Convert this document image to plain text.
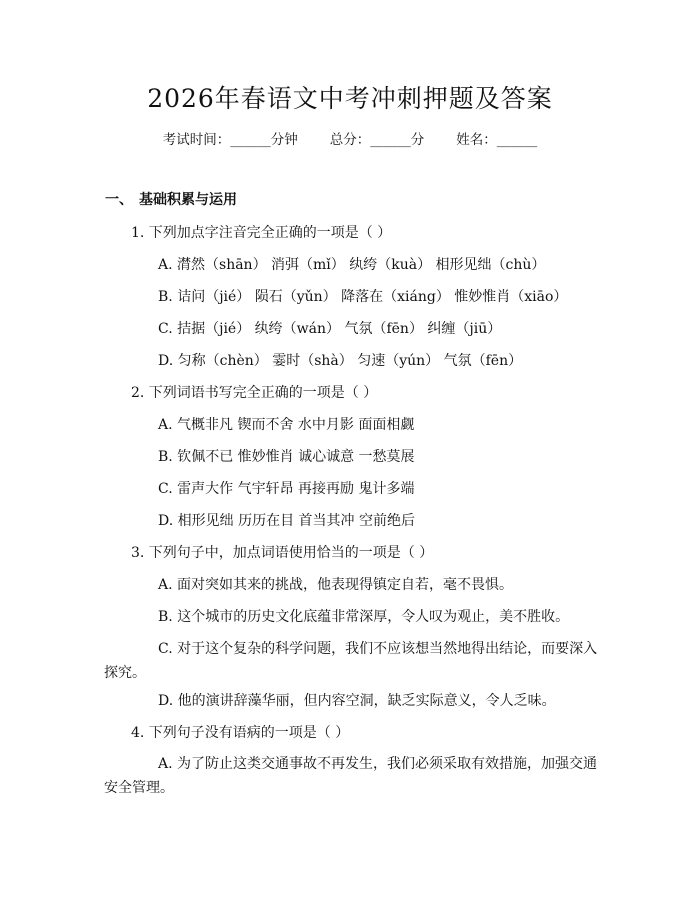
2026年春语文中考冲刺押题及答案
考试时间：______分钟 总分：______分 姓名：______
一、 基础积累与运用
1. 下列加点字注音完全正确的一项是（ ）
A. 潸然（shān） 消弭（mǐ） 纨绔（kuà） 相形见绌（chù）
B. 诘问（jié） 陨石（yǔn） 降落在（xiáng） 惟妙惟肖（xiāo）
C. 拮据（jié） 纨绔（wán） 气氛（fēn） 纠缠（jiū）
D. 匀称（chèn） 霎时（shà） 匀速（yún） 气氛（fēn）
2. 下列词语书写完全正确的一项是（ ）
A. 气概非凡 锲而不舍 水中月影 面面相觑
B. 钦佩不已 惟妙惟肖 诚心诚意 一愁莫展
C. 雷声大作 气宇轩昂 再接再励 鬼计多端
D. 相形见绌 历历在目 首当其冲 空前绝后
3. 下列句子中，加点词语使用恰当的一项是（ ）
A. 面对突如其来的挑战，他表现得镇定自若，毫不畏惧。
B. 这个城市的历史文化底蕴非常深厚，令人叹为观止，美不胜收。
C. 对于这个复杂的科学问题，我们不应该想当然地得出结论，而要深入探究。
D. 他的演讲辞藻华丽，但内容空洞，缺乏实际意义，令人乏味。
4. 下列句子没有语病的一项是（ ）
A. 为了防止这类交通事故不再发生，我们必须采取有效措施，加强交通安全管理。
